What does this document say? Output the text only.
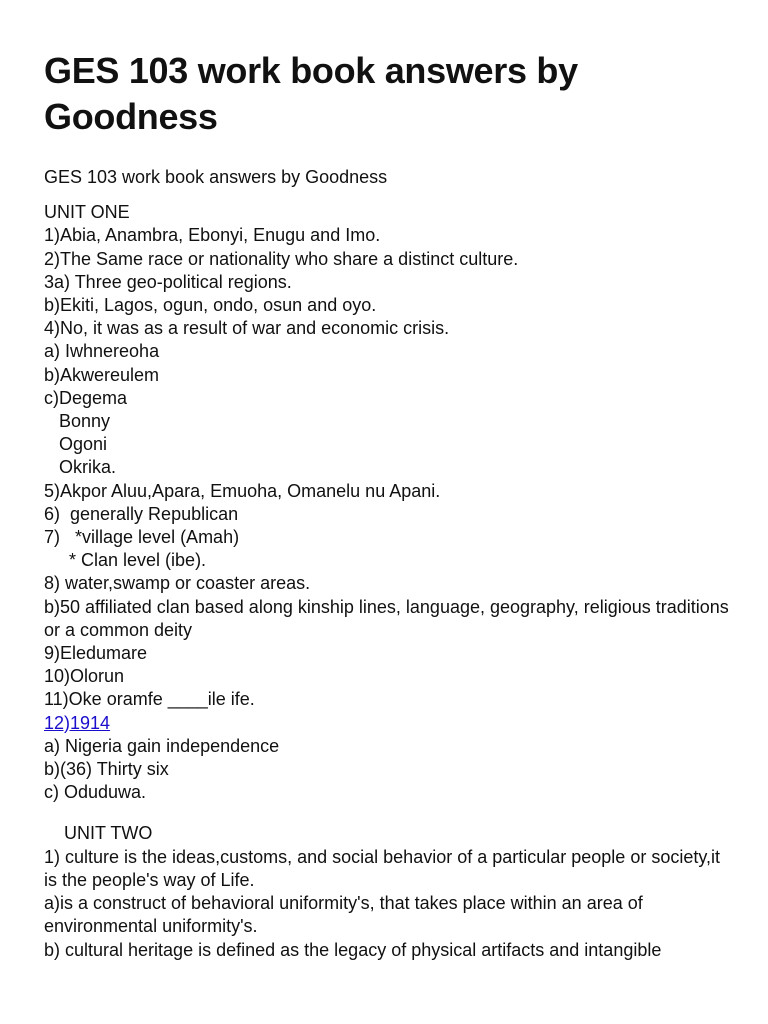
GES 103 work book answers by Goodness
GES 103 work book answers by Goodness
UNIT ONE
1)Abia, Anambra, Ebonyi, Enugu and Imo.
2)The Same race or nationality who share a distinct culture.
3a) Three geo-political regions.
b)Ekiti, Lagos, ogun, ondo, osun and oyo.
4)No, it was as a result of war and economic crisis.
a) Iwhnereoha
b)Akwereulem
c)Degema
Bonny
Ogoni
Okrika.
5)Akpor Aluu,Apara, Emuoha, Omanelu nu Apani.
6)  generally Republican
7)   *village level (Amah)
* Clan level (ibe).
8) water,swamp or coaster areas.
b)50 affiliated clan based along kinship lines, language, geography, religious traditions or a common deity
9)Eledumare
10)Olorun
11)Oke oramfe ____ile ife.
12)1914
a) Nigeria gain independence
b)(36) Thirty six
c) Oduduwa.
UNIT TWO
1) culture is the ideas,customs, and social behavior of a particular people or society,it is the people's way of Life.
a)is a construct of behavioral uniformity's, that takes place within an area of environmental uniformity's.
b) cultural heritage is defined as the legacy of physical artifacts and intangible
